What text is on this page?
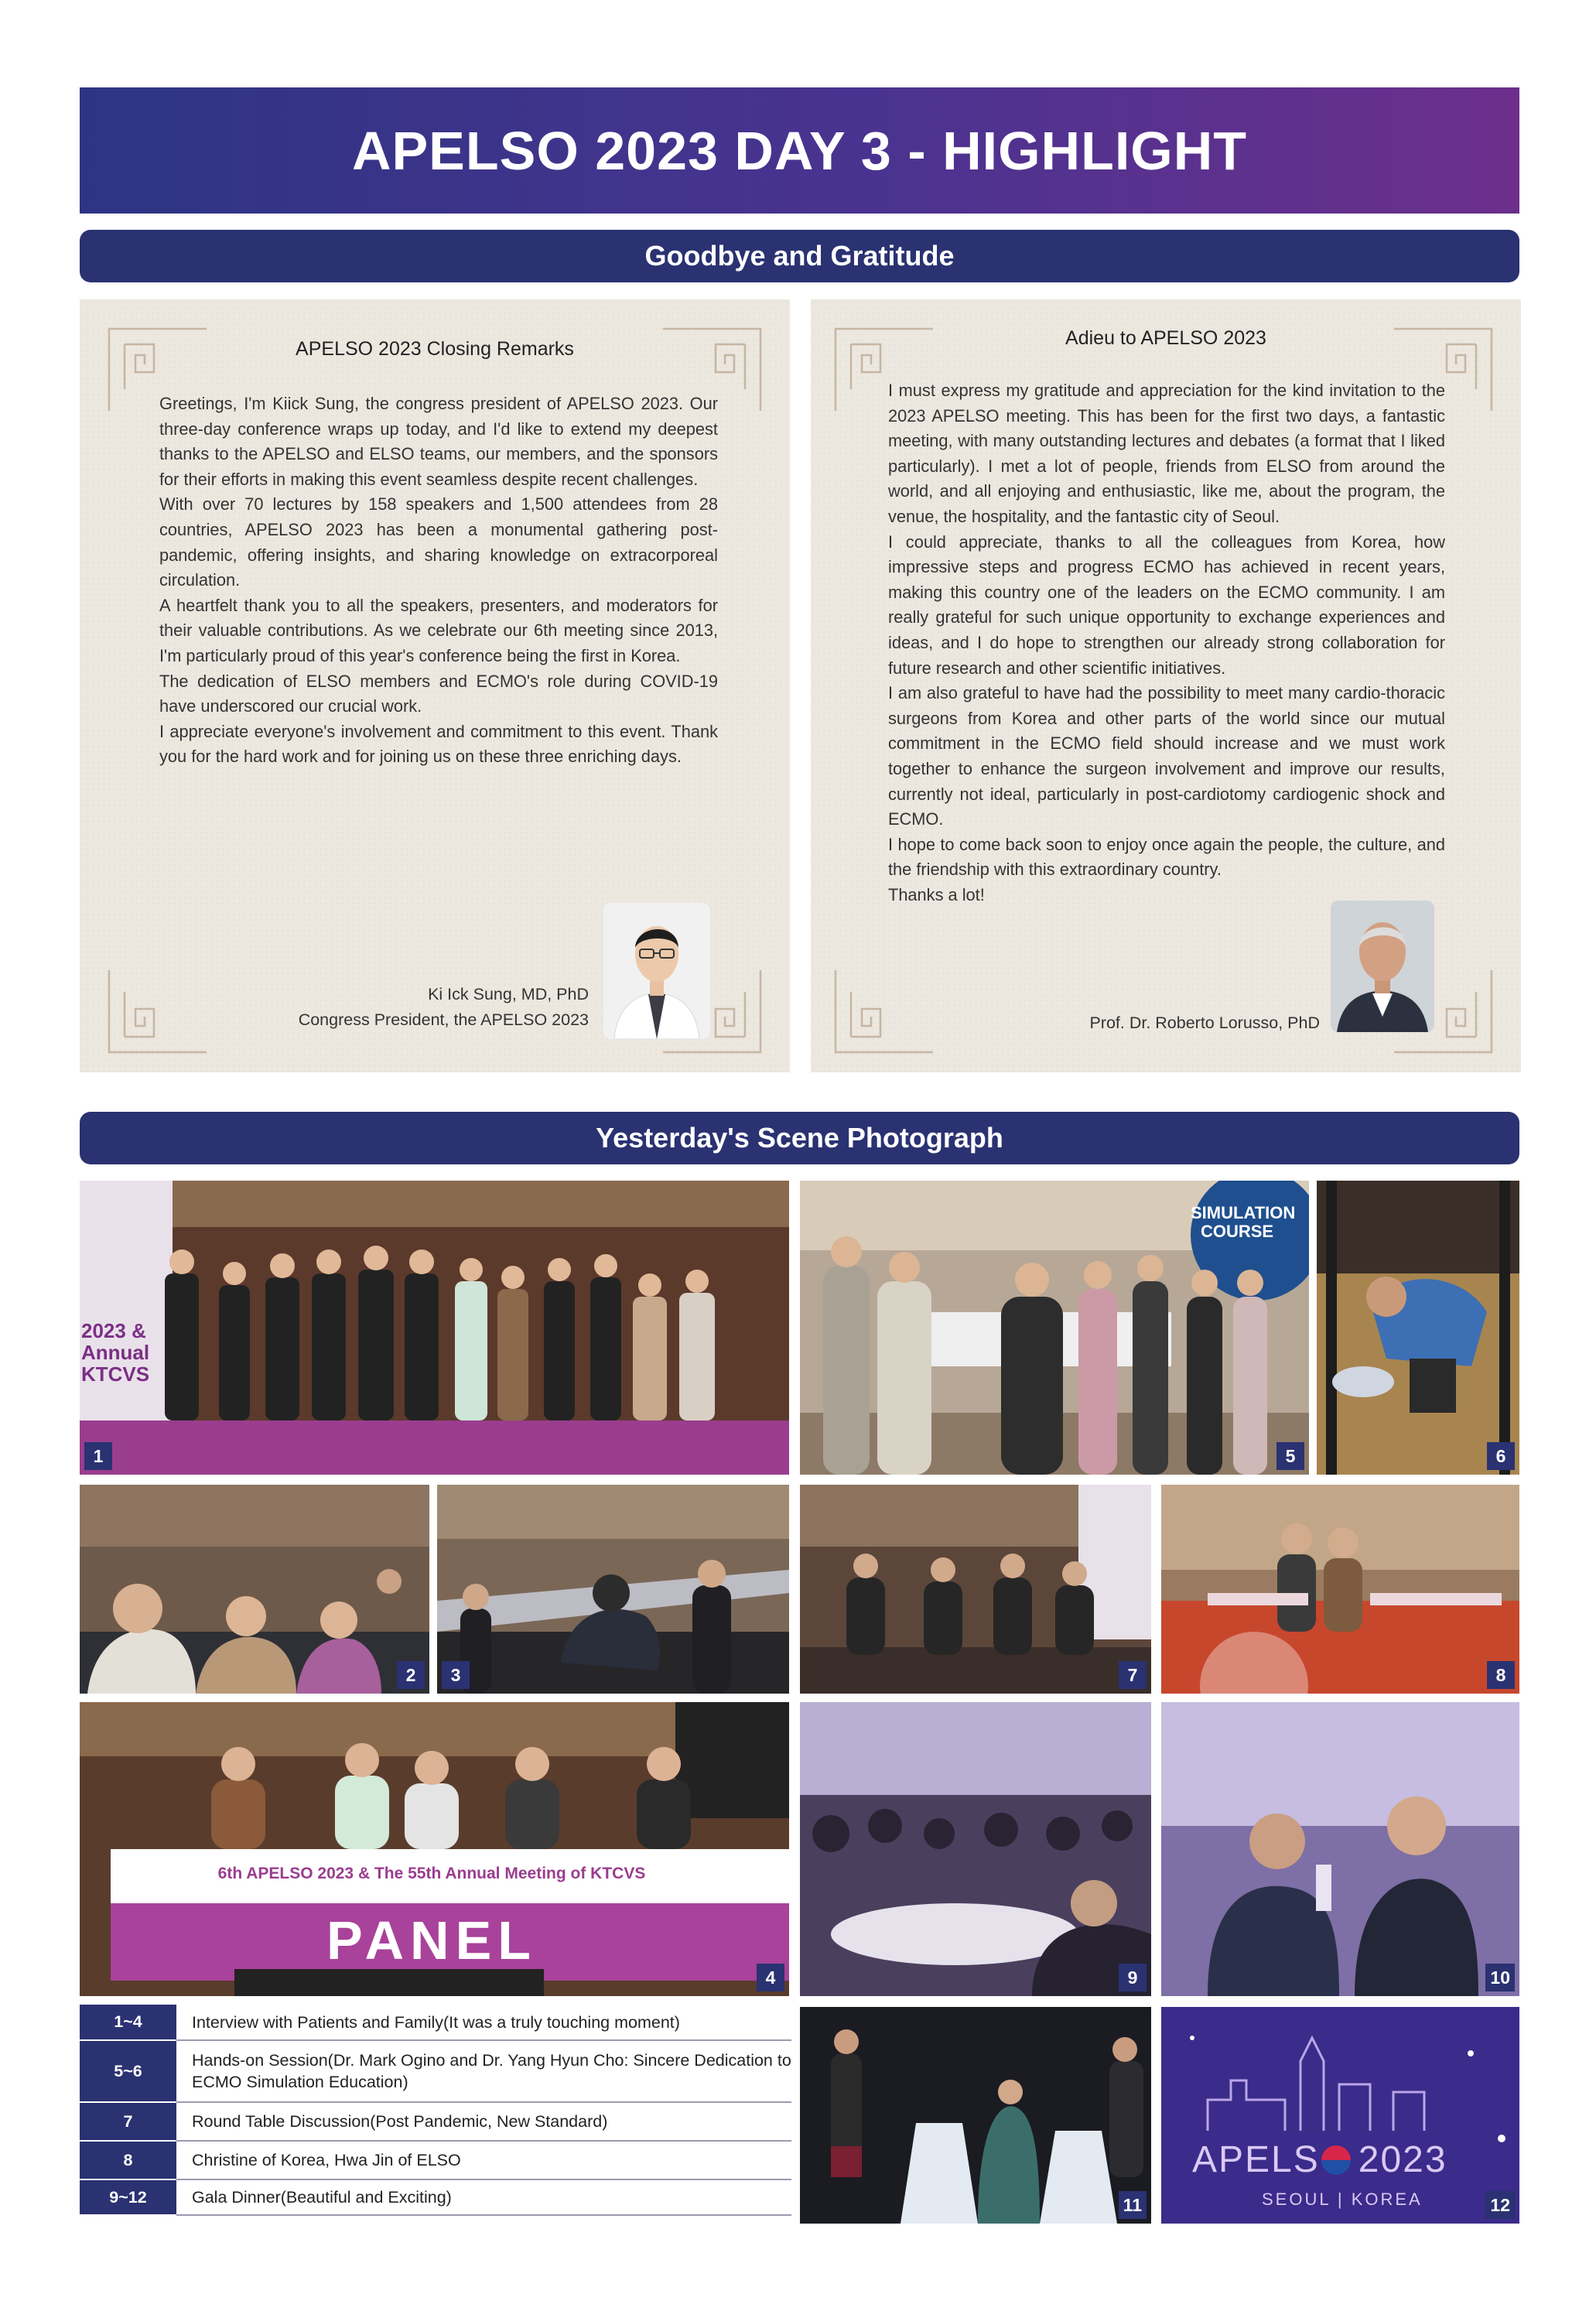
APELSO 2023 DAY 3 - HIGHLIGHT
Goodbye and Gratitude
APELSO 2023 Closing Remarks

Greetings, I'm Kiick Sung, the congress president of APELSO 2023. Our three-day conference wraps up today, and I'd like to extend my deepest thanks to the APELSO and ELSO teams, our members, and the sponsors for their efforts in making this event seamless despite recent challenges.

With over 70 lectures by 158 speakers and 1,500 attendees from 28 countries, APELSO 2023 has been a monumental gathering post-pandemic, offering insights, and sharing knowledge on extracorporeal circulation.

A heartfelt thank you to all the speakers, presenters, and moderators for their valuable contributions. As we celebrate our 6th meeting since 2013, I'm particularly proud of this year's conference being the first in Korea.

The dedication of ELSO members and ECMO's role during COVID-19 have underscored our crucial work.

I appreciate everyone's involvement and commitment to this event. Thank you for the hard work and for joining us on these three enriching days.

Ki Ick Sung, MD, PhD
Congress President, the APELSO 2023
Adieu to APELSO 2023

I must express my gratitude and appreciation for the kind invitation to the 2023 APELSO meeting. This has been for the first two days, a fantastic meeting, with many outstanding lectures and debates (a format that I liked particularly). I met a lot of people, friends from ELSO from around the world, and all enjoying and enthusiastic, like me, about the program, the venue, the hospitality, and the fantastic city of Seoul.

I could appreciate, thanks to all the colleagues from Korea, how impressive steps and progress ECMO has achieved in recent years, making this country one of the leaders on the ECMO community. I am really grateful for such unique opportunity to exchange experiences and ideas, and I do hope to strengthen our already strong collaboration for future research and other scientific initiatives.

I am also grateful to have had the possibility to meet many cardio-thoracic surgeons from Korea and other parts of the world since our mutual commitment in the ECMO field should increase and we must work together to enhance the surgeon involvement and improve our results, currently not ideal, particularly in post-cardiotomy cardiogenic shock and ECMO.

I hope to come back soon to enjoy once again the people, the culture, and the friendship with this extraordinary country.

Thanks a lot!

Prof. Dr. Roberto Lorusso, PhD
Yesterday's Scene Photograph
2023 &
Annual
KTCVS
1
SIMULATION
COURSE
5	6
2	3	7	8
6th APELSO 2023 & The 55th Annual Meeting of KTCVS
PANEL
4	9	10
11
APELS 2023
SEOUL | KOREA	12
1~4	Interview with Patients and Family(It was a truly touching moment)
5~6	Hands-on Session(Dr. Mark Ogino and Dr. Yang Hyun Cho: Sincere Dedication to ECMO Simulation Education)
7	Round Table Discussion(Post Pandemic, New Standard)
8	Christine of Korea, Hwa Jin of ELSO
9~12	Gala Dinner(Beautiful and Exciting)
